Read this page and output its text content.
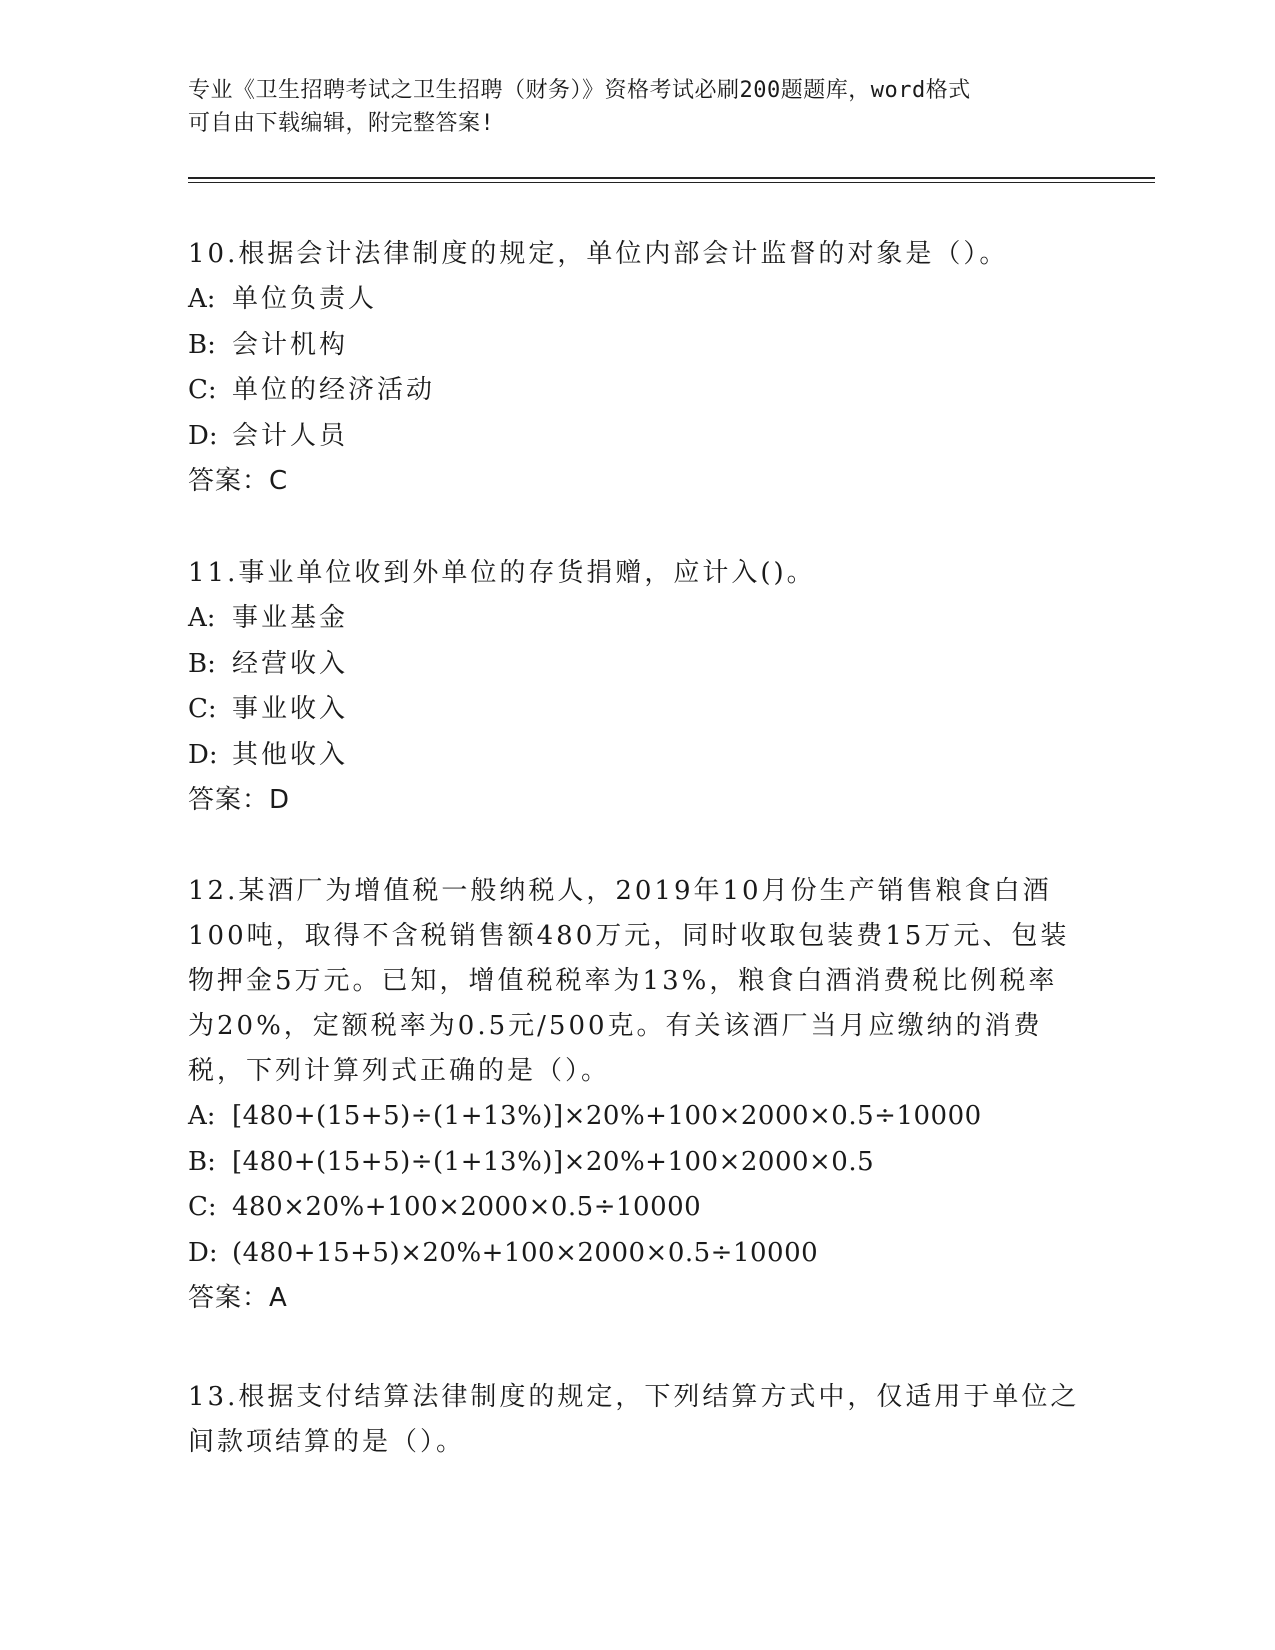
专业《卫生招聘考试之卫生招聘（财务）》资格考试必刷200题题库，word格式
可自由下载编辑，附完整答案!

10.根据会计法律制度的规定，单位内部会计监督的对象是（）。

A: 单位负责人

B: 会计机构

C: 单位的经济活动

D: 会计人员

答案：C

11.事业单位收到外单位的存货捐赠，应计入()。

A: 事业基金

B: 经营收入

C: 事业收入

D: 其他收入

答案：D

12.某酒厂为增值税一般纳税人，2019年10月份生产销售粮食白酒

100吨，取得不含税销售额480万元，同时收取包装费15万元、包装

物押金5万元。已知，增值税税率为13%，粮食白酒消费税比例税率

为20%，定额税率为0.5元/500克。有关该酒厂当月应缴纳的消费

税，下列计算列式正确的是（）。

A: [480+(15+5)÷(1+13%)]×20%+100×2000×0.5÷10000

B: [480+(15+5)÷(1+13%)]×20%+100×2000×0.5

C: 480×20%+100×2000×0.5÷10000

D: (480+15+5)×20%+100×2000×0.5÷10000

答案：A

13.根据支付结算法律制度的规定，下列结算方式中，仅适用于单位之

间款项结算的是（）。
